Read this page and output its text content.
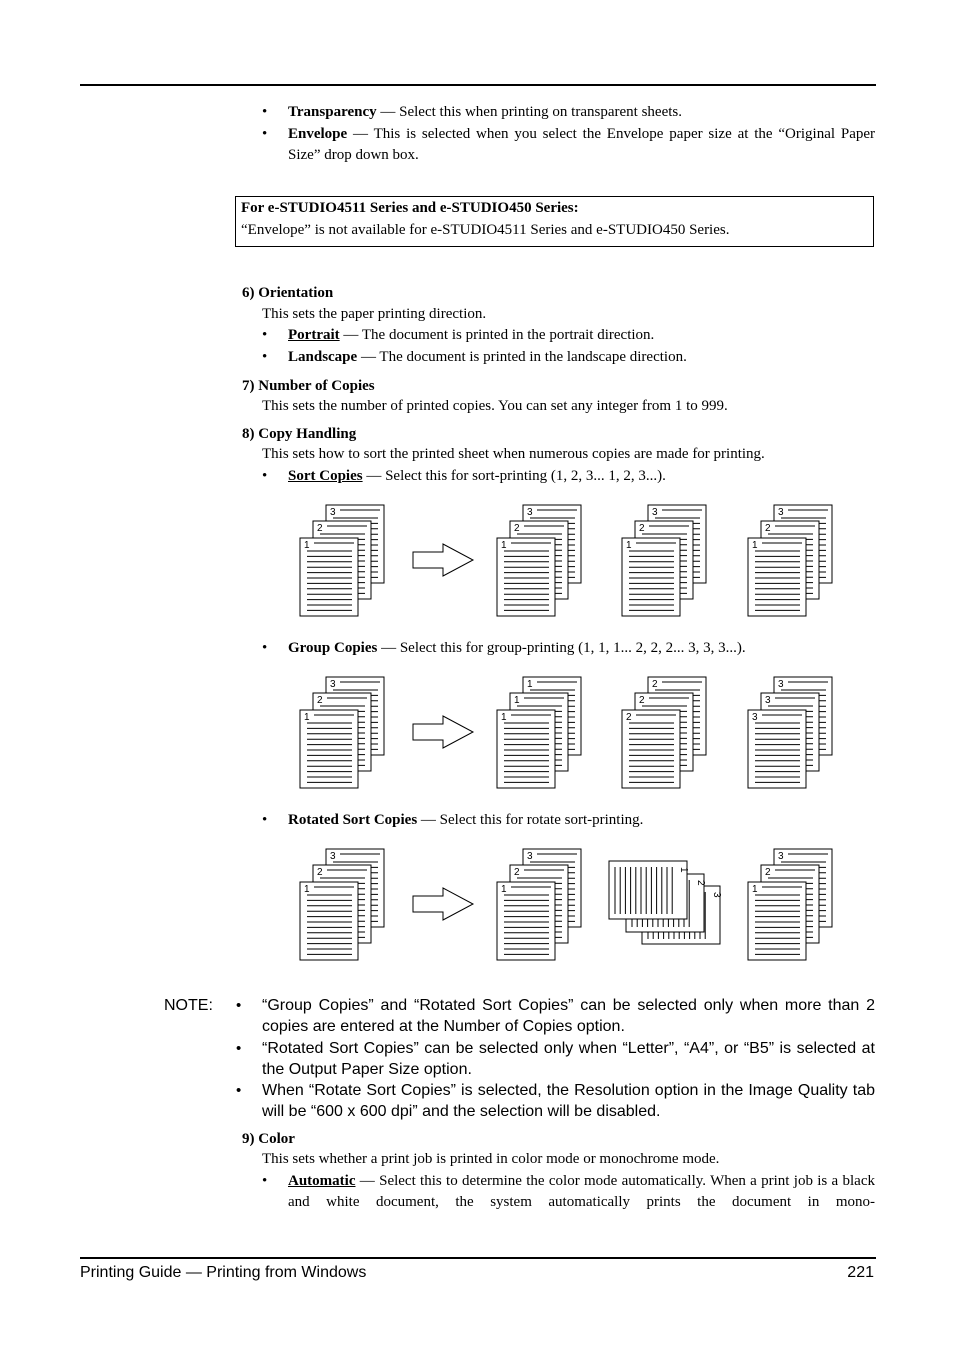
• Transparency — Select this when printing on transparent sheets.
• Envelope — This is selected when you select the Envelope paper size at the “Original Paper Size” drop down box.
For e-STUDIO4511 Series and e-STUDIO450 Series:
“Envelope” is not available for e-STUDIO4511 Series and e-STUDIO450 Series.
6) Orientation
This sets the paper printing direction.
• Portrait — The document is printed in the portrait direction.
• Landscape — The document is printed in the landscape direction.
7) Number of Copies
This sets the number of printed copies. You can set any integer from 1 to 999.
8) Copy Handling
This sets how to sort the printed sheet when numerous copies are made for printing.
• Sort Copies — Select this for sort-printing (1, 2, 3... 1, 2, 3...).
3
2
1
3
2
1
3
2
1
3
2
1
3
2
1
1
1
1
2
2
2
3
3
3
3
2
1
3
2
1	3
2
1
3
2
1
• Group Copies — Select this for group-printing (1, 1, 1... 2, 2, 2... 3, 3, 3...).
• Rotated Sort Copies — Select this for rotate sort-printing.
NOTE: • “Group Copies” and “Rotated Sort Copies” can be selected only when more than 2 copies are entered at the Number of Copies option.
• “Rotated Sort Copies” can be selected only when “Letter”, “A4”, or “B5” is selected at the Output Paper Size option.
• When “Rotate Sort Copies” is selected, the Resolution option in the Image Quality tab will be “600 x 600 dpi” and the selection will be disabled.
9) Color
This sets whether a print job is printed in color mode or monochrome mode.
• Automatic — Select this to determine the color mode automatically. When a print job is a black and white document, the system automatically prints the document in mono-
Printing Guide — Printing from Windows	221
